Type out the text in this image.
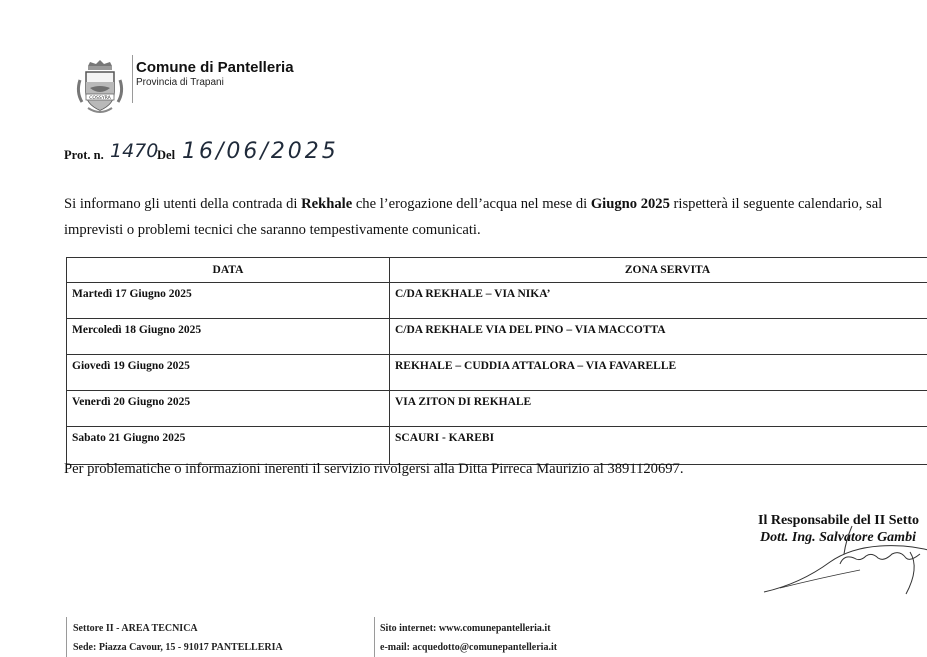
COSSYRA
Comune di Pantelleria
Provincia di Trapani
Prot. n. 1470
Del 16/06/2025
Si informano gli utenti della contrada di Rekhale che l’erogazione dell’acqua nel mese di Giugno 2025 rispetterà il seguente calendario, sal
imprevisti o problemi tecnici che saranno tempestivamente comunicati.
DATA	ZONA SERVITA
Martedì 17 Giugno 2025	C/DA REKHALE – VIA NIKA’
Mercoledì 18 Giugno 2025	C/DA REKHALE VIA DEL PINO – VIA MACCOTTA
Giovedì 19 Giugno 2025	REKHALE – CUDDIA ATTALORA – VIA FAVARELLE
Venerdì 20 Giugno 2025	VIA ZITON DI REKHALE
Sabato 21 Giugno 2025	SCAURI - KAREBI
Per problematiche o informazioni inerenti il servizio rivolgersi alla Ditta Pirreca Maurizio al 3891120697.
Il Responsabile del II Setto
Dott. Ing. Salvatore Gambi
Settore II - AREA TECNICA
Sede: Piazza Cavour, 15 - 91017 PANTELLERIA
Sito internet: www.comunepantelleria.it
e-mail: acquedotto@comunepantelleria.it
